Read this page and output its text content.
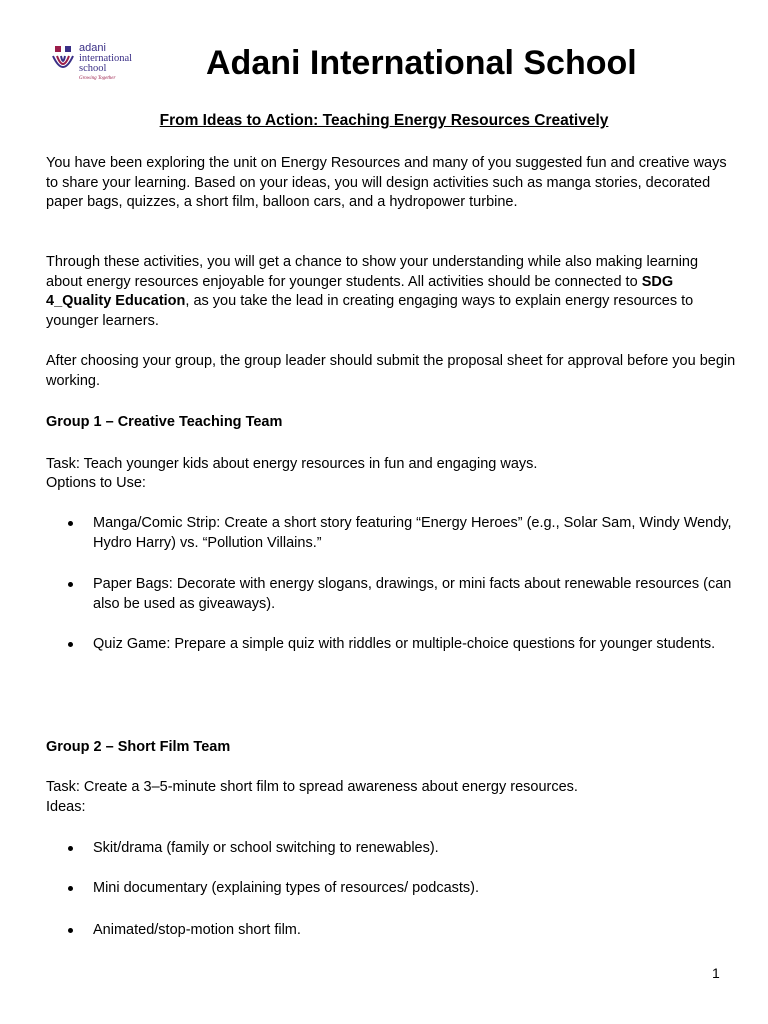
adani
international
school
Growing Together	Adani International School
From Ideas to Action: Teaching Energy Resources Creatively

You have been exploring the unit on Energy Resources and many of you suggested fun and creative ways to share your learning. Based on your ideas, you will design activities such as manga stories, decorated paper bags, quizzes, a short film, balloon cars, and a hydropower turbine.

Through these activities, you will get a chance to show your understanding while also making learning about energy resources enjoyable for younger students. All activities should be connected to SDG 4_Quality Education, as you take the lead in creating engaging ways to explain energy resources to younger learners.

After choosing your group, the group leader should submit the proposal sheet for approval before you begin working.

Group 1 – Creative Teaching Team

Task: Teach younger kids about energy resources in fun and engaging ways.

Options to Use:

Manga/Comic Strip: Create a short story featuring “Energy Heroes” (e.g., Solar Sam, Windy Wendy, Hydro Harry) vs. “Pollution Villains.”
Paper Bags: Decorate with energy slogans, drawings, or mini facts about renewable resources (can also be used as giveaways).
Quiz Game: Prepare a simple quiz with riddles or multiple-choice questions for younger students.
Group 2 – Short Film Team

Task: Create a 3–5-minute short film to spread awareness about energy resources.

Ideas:

Skit/drama (family or school switching to renewables).
Mini documentary (explaining types of resources/ podcasts).
Animated/stop-motion short film.
1
